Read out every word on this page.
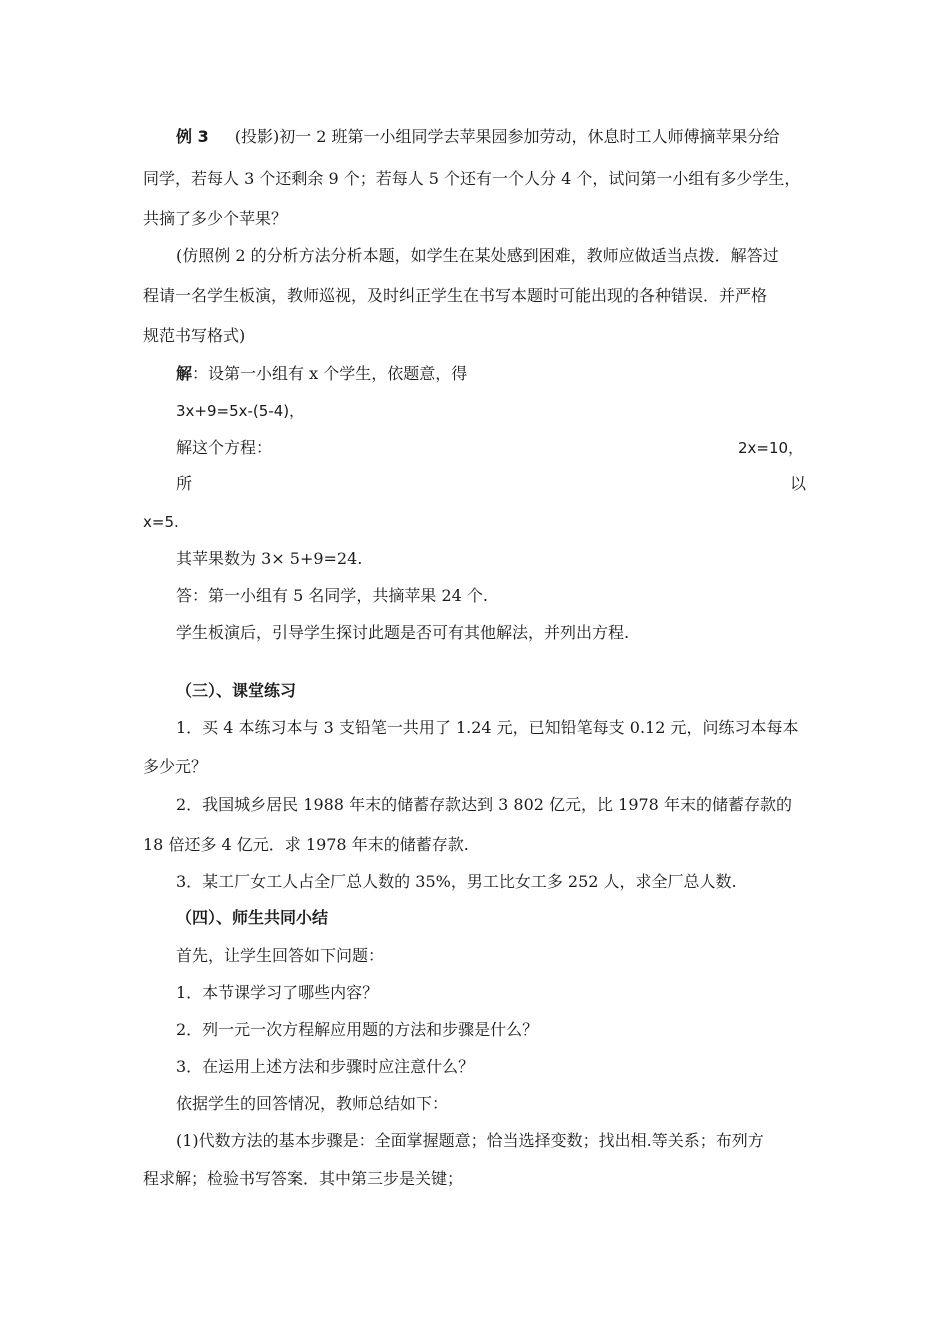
例 3 (投影)初一 2 班第一小组同学去苹果园参加劳动，休息时工人师傅摘苹果分给
同学，若每人 3 个还剩余 9 个；若每人 5 个还有一个人分 4 个，试问第一小组有多少学生，
共摘了多少个苹果？
(仿照例 2 的分析方法分析本题，如学生在某处感到困难，教师应做适当点拨．解答过
程请一名学生板演，教师巡视，及时纠正学生在书写本题时可能出现的各种错误．并严格
规范书写格式)
解：设第一小组有 x 个学生，依题意，得
3x+9=5x-(5-4)，
解这个方程：	2x=10，
所	以
x=5.
其苹果数为 3× 5+9=24.
答：第一小组有 5 名同学，共摘苹果 24 个.
学生板演后，引导学生探讨此题是否可有其他解法，并列出方程.
（三）、课堂练习
1．买 4 本练习本与 3 支铅笔一共用了 1.24 元，已知铅笔每支 0.12 元，问练习本每本
多少元？
2．我国城乡居民 1988 年末的储蓄存款达到 3 802 亿元，比 1978 年末的储蓄存款的
18 倍还多 4 亿元．求 1978 年末的储蓄存款.
3．某工厂女工人占全厂总人数的 35%，男工比女工多 252 人，求全厂总人数.
（四）、师生共同小结
首先，让学生回答如下问题：
1．本节课学习了哪些内容？
2．列一元一次方程解应用题的方法和步骤是什么？
3．在运用上述方法和步骤时应注意什么？
依据学生的回答情况，教师总结如下：
(1)代数方法的基本步骤是：全面掌握题意；恰当选择变数；找出相.等关系；布列方
程求解；检验书写答案．其中第三步是关键；
